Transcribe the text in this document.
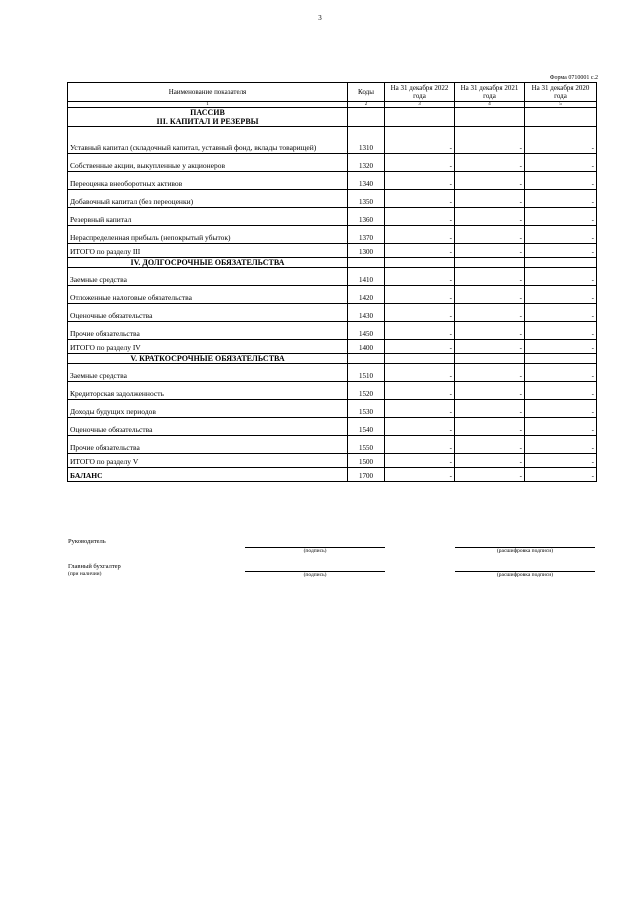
3
Форма 0710001 с.2
Наименование показателя	Коды	На 31 декабря 2022 года	На 31 декабря 2021 года	На 31 декабря 2020 года
1	2	3	4	5

ПАССИВ
III. КАПИТАЛ И РЕЗЕРВЫ				

Уставный капитал (складочный капитал, уставный фонд, вклады товарищей)	1310	-	-	-
Собственные акции, выкупленные у акционеров	1320	-	-	-
Переоценка внеоборотных активов	1340	-	-	-
Добавочный капитал (без переоценки)	1350	-	-	-
Резервный капитал	1360	-	-	-
Нераспределенная прибыль (непокрытый убыток)	1370	-	-	-
ИТОГО по разделу III	1300	-	-	-

IV. ДОЛГОСРОЧНЫЕ ОБЯЗАТЕЛЬСТВА				

Заемные средства	1410	-	-	-
Отложенные налоговые обязательства	1420	-	-	-
Оценочные обязательства	1430	-	-	-
Прочие обязательства	1450	-	-	-
ИТОГО по разделу IV	1400	-	-	-

V. КРАТКОСРОЧНЫЕ ОБЯЗАТЕЛЬСТВА				

Заемные средства	1510	-	-	-
Кредиторская задолженность	1520	-	-	-
Доходы будущих периодов	1530	-	-	-
Оценочные обязательства	1540	-	-	-
Прочие обязательства	1550	-	-	-
ИТОГО по разделу V	1500	-	-	-
БАЛАНС	1700	-	-	-
Руководитель
(подпись)	(расшифровка подписи)
Главный бухгалтер
(при наличии)	(подпись)	(расшифровка подписи)
